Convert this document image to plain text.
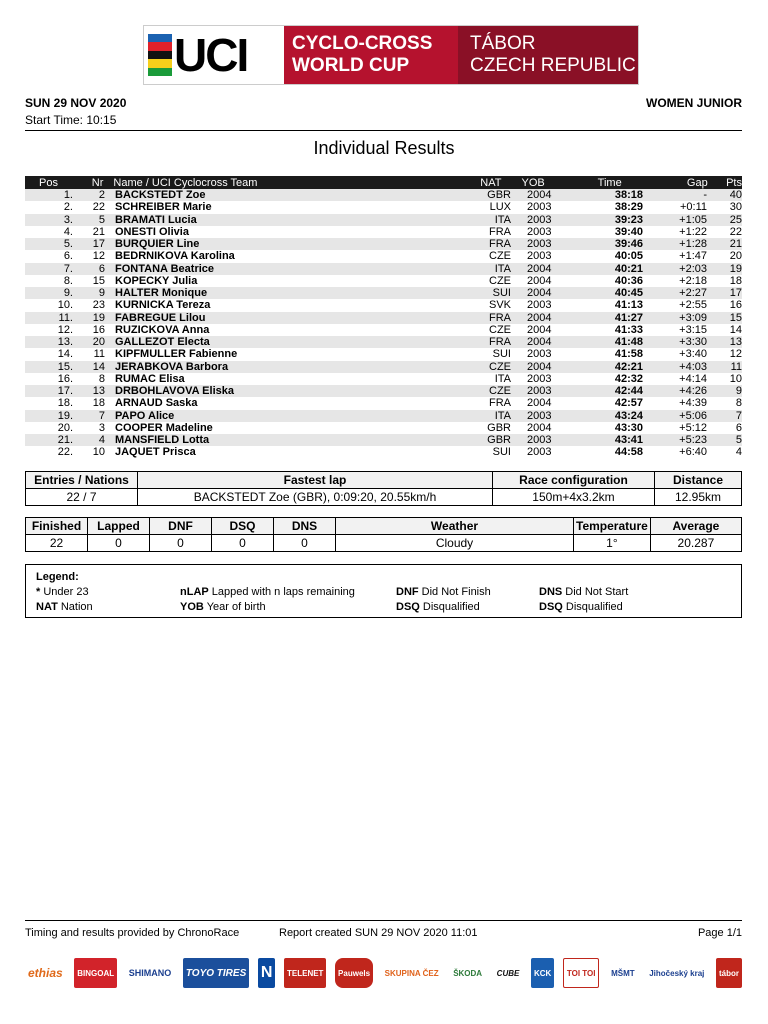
UCI CYCLO-CROSS
WORLD CUP
TÁBOR
CZECH REPUBLIC
SUN 29 NOV 2020
Start Time: 10:15
WOMEN JUNIOR
Individual Results
Pos	Nr Name / UCI Cyclocross Team	NAT	YOB	Time	Gap	Pts
1.	2 BACKSTEDT Zoe	GBR	2004	38:18	-	40
2.	22 SCHREIBER Marie	LUX	2003	38:29	+0:11	30
3.	5 BRAMATI Lucia	ITA	2003	39:23	+1:05	25
4.	21 ONESTI Olivia	FRA	2003	39:40	+1:22	22
5.	17 BURQUIER Line	FRA	2003	39:46	+1:28	21
6.	12 BEDRNIKOVA Karolina	CZE	2003	40:05	+1:47	20
7.	6 FONTANA Beatrice	ITA	2004	40:21	+2:03	19
8.	15 KOPECKY Julia	CZE	2004	40:36	+2:18	18
9.	9 HALTER Monique	SUI	2004	40:45	+2:27	17
10.	23 KURNICKA Tereza	SVK	2003	41:13	+2:55	16
11.	19 FABREGUE Lilou	FRA	2004	41:27	+3:09	15
12.	16 RUZICKOVA Anna	CZE	2004	41:33	+3:15	14
13.	20 GALLEZOT Electa	FRA	2004	41:48	+3:30	13
14.	11 KIPFMULLER Fabienne	SUI	2003	41:58	+3:40	12
15.	14 JERABKOVA Barbora	CZE	2004	42:21	+4:03	11
16.	8 RUMAC Elisa	ITA	2003	42:32	+4:14	10
17.	13 DRBOHLAVOVA Eliska	CZE	2003	42:44	+4:26	9
18.	18 ARNAUD Saska	FRA	2004	42:57	+4:39	8
19.	7 PAPO Alice	ITA	2003	43:24	+5:06	7
20.	3 COOPER Madeline	GBR	2004	43:30	+5:12	6
21.	4 MANSFIELD Lotta	GBR	2003	43:41	+5:23	5
22.	10 JAQUET Prisca	SUI	2003	44:58	+6:40	4
Entries / Nations	Fastest lap	Race configuration	Distance
22 / 7	BACKSTEDT Zoe (GBR), 0:09:20, 20.55km/h	150m+4x3.2km	12.95km
Finished	Lapped	DNF	DSQ	DNS	Weather	Temperature	Average
22	0	0	0	0	Cloudy	1°	20.287
Legend:
* Under 23	nLAP Lapped with n laps remaining	DNF Did Not Finish	DNS Did Not Start
NAT Nation	YOB Year of birth	DSQ Disqualified	DSQ Disqualified
Timing and results provided by ChronoRace	Report created SUN 29 NOV 2020 11:01	Page 1/1
ethias	BINGOAL	SHIMANO	TOYO TIRES N	TELENET	Pauwels	SKUPINA ČEZ	ŠKODA	CUBE	KCK	TOI TOI	MŠMT	Jihočeský kraj	tábor
